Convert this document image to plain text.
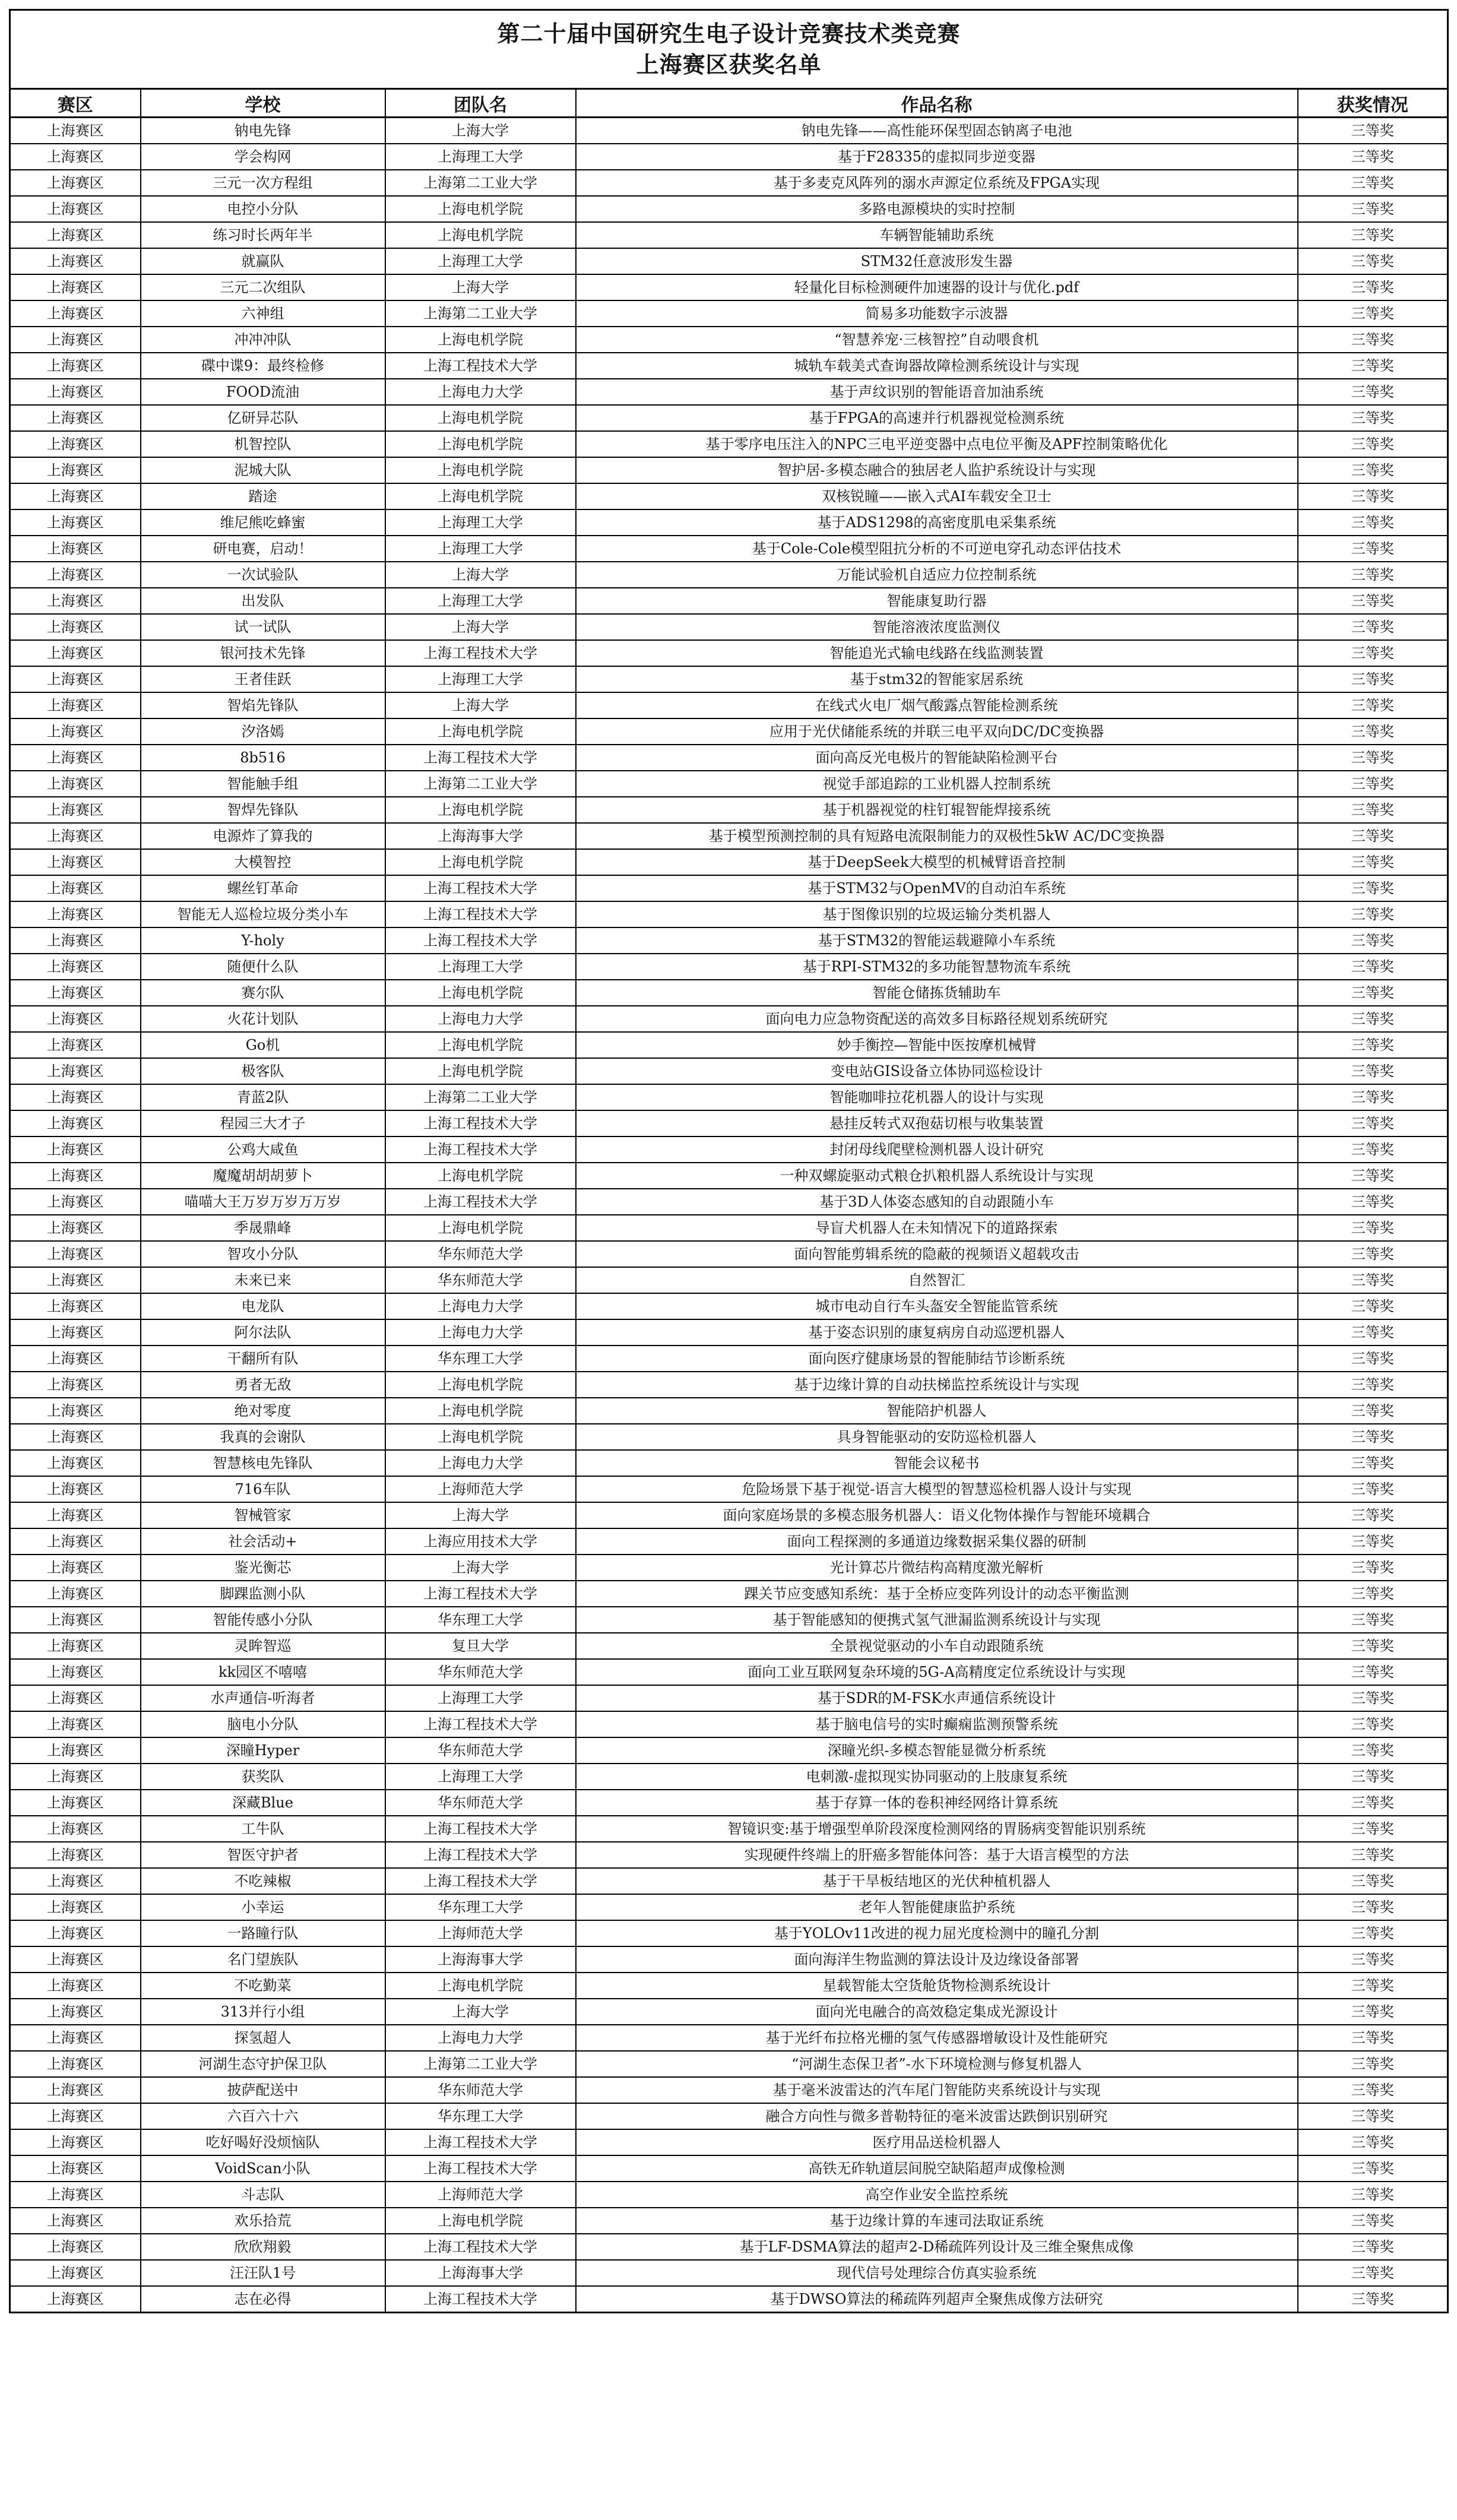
第二十届中国研究生电子设计竞赛技术类竞赛
上海赛区获奖名单				

赛区	学校	团队名	作品名称	获奖情况
上海赛区	钠电先锋	上海大学	钠电先锋——高性能环保型固态钠离子电池	三等奖
上海赛区	学会构网	上海理工大学	基于F28335的虚拟同步逆变器	三等奖
上海赛区	三元一次方程组	上海第二工业大学	基于多麦克风阵列的溺水声源定位系统及FPGA实现	三等奖
上海赛区	电控小分队	上海电机学院	多路电源模块的实时控制	三等奖
上海赛区	练习时长两年半	上海电机学院	车辆智能辅助系统	三等奖
上海赛区	就赢队	上海理工大学	STM32任意波形发生器	三等奖
上海赛区	三元二次组队	上海大学	轻量化目标检测硬件加速器的设计与优化.pdf	三等奖
上海赛区	六神组	上海第二工业大学	简易多功能数字示波器	三等奖
上海赛区	冲冲冲队	上海电机学院	“智慧养宠·三核智控”自动喂食机	三等奖
上海赛区	碟中谍9：最终检修	上海工程技术大学	城轨车载美式查询器故障检测系统设计与实现	三等奖
上海赛区	FOOD流油	上海电力大学	基于声纹识别的智能语音加油系统	三等奖
上海赛区	亿研异芯队	上海电机学院	基于FPGA的高速并行机器视觉检测系统	三等奖
上海赛区	机智控队	上海电机学院	基于零序电压注入的NPC三电平逆变器中点电位平衡及APF控制策略优化	三等奖
上海赛区	泥城大队	上海电机学院	智护居-多模态融合的独居老人监护系统设计与实现	三等奖
上海赛区	踏途	上海电机学院	双核锐瞳——嵌入式AI车载安全卫士	三等奖
上海赛区	维尼熊吃蜂蜜	上海理工大学	基于ADS1298的高密度肌电采集系统	三等奖
上海赛区	研电赛，启动！	上海理工大学	基于Cole-Cole模型阻抗分析的不可逆电穿孔动态评估技术	三等奖
上海赛区	一次试验队	上海大学	万能试验机自适应力位控制系统	三等奖
上海赛区	出发队	上海理工大学	智能康复助行器	三等奖
上海赛区	试一试队	上海大学	智能溶液浓度监测仪	三等奖
上海赛区	银河技术先锋	上海工程技术大学	智能追光式输电线路在线监测装置	三等奖
上海赛区	王者佳跃	上海理工大学	基于stm32的智能家居系统	三等奖
上海赛区	智焰先锋队	上海大学	在线式火电厂烟气酸露点智能检测系统	三等奖
上海赛区	汐洛嫣	上海电机学院	应用于光伏储能系统的并联三电平双向DC/DC变换器	三等奖
上海赛区	8b516	上海工程技术大学	面向高反光电极片的智能缺陷检测平台	三等奖
上海赛区	智能触手组	上海第二工业大学	视觉手部追踪的工业机器人控制系统	三等奖
上海赛区	智焊先锋队	上海电机学院	基于机器视觉的柱钉辊智能焊接系统	三等奖
上海赛区	电源炸了算我的	上海海事大学	基于模型预测控制的具有短路电流限制能力的双极性5kW AC/DC变换器	三等奖
上海赛区	大模智控	上海电机学院	基于DeepSeek大模型的机械臂语音控制	三等奖
上海赛区	螺丝钉革命	上海工程技术大学	基于STM32与OpenMV的自动泊车系统	三等奖
上海赛区	智能无人巡检垃圾分类小车	上海工程技术大学	基于图像识别的垃圾运输分类机器人	三等奖
上海赛区	Y-holy	上海工程技术大学	基于STM32的智能运载避障小车系统	三等奖
上海赛区	随便什么队	上海理工大学	基于RPI-STM32的多功能智慧物流车系统	三等奖
上海赛区	赛尔队	上海电机学院	智能仓储拣货辅助车	三等奖
上海赛区	火花计划队	上海电力大学	面向电力应急物资配送的高效多目标路径规划系统研究	三等奖
上海赛区	Go机	上海电机学院	妙手衡控—智能中医按摩机械臂	三等奖
上海赛区	极客队	上海电机学院	变电站GIS设备立体协同巡检设计	三等奖
上海赛区	青蓝2队	上海第二工业大学	智能咖啡拉花机器人的设计与实现	三等奖
上海赛区	程园三大才子	上海工程技术大学	悬挂反转式双孢菇切根与收集装置	三等奖
上海赛区	公鸡大咸鱼	上海工程技术大学	封闭母线爬壁检测机器人设计研究	三等奖
上海赛区	魔魔胡胡胡萝卜	上海电机学院	一种双螺旋驱动式粮仓扒粮机器人系统设计与实现	三等奖
上海赛区	喵喵大王万岁万岁万万岁	上海工程技术大学	基于3D人体姿态感知的自动跟随小车	三等奖
上海赛区	季晟鼎峰	上海电机学院	导盲犬机器人在未知情况下的道路探索	三等奖
上海赛区	智攻小分队	华东师范大学	面向智能剪辑系统的隐蔽的视频语义超载攻击	三等奖
上海赛区	未来已来	华东师范大学	自然智汇	三等奖
上海赛区	电龙队	上海电力大学	城市电动自行车头盔安全智能监管系统	三等奖
上海赛区	阿尔法队	上海电力大学	基于姿态识别的康复病房自动巡逻机器人	三等奖
上海赛区	干翻所有队	华东理工大学	面向医疗健康场景的智能肺结节诊断系统	三等奖
上海赛区	勇者无敌	上海电机学院	基于边缘计算的自动扶梯监控系统设计与实现	三等奖
上海赛区	绝对零度	上海电机学院	智能陪护机器人	三等奖
上海赛区	我真的会谢队	上海电机学院	具身智能驱动的安防巡检机器人	三等奖
上海赛区	智慧核电先锋队	上海电力大学	智能会议秘书	三等奖
上海赛区	716车队	上海师范大学	危险场景下基于视觉-语言大模型的智慧巡检机器人设计与实现	三等奖
上海赛区	智械管家	上海大学	面向家庭场景的多模态服务机器人：语义化物体操作与智能环境耦合	三等奖
上海赛区	社会活动+	上海应用技术大学	面向工程探测的多通道边缘数据采集仪器的研制	三等奖
上海赛区	鉴光衡芯	上海大学	光计算芯片微结构高精度激光解析	三等奖
上海赛区	脚踝监测小队	上海工程技术大学	踝关节应变感知系统：基于全桥应变阵列设计的动态平衡监测	三等奖
上海赛区	智能传感小分队	华东理工大学	基于智能感知的便携式氢气泄漏监测系统设计与实现	三等奖
上海赛区	灵眸智巡	复旦大学	全景视觉驱动的小车自动跟随系统	三等奖
上海赛区	kk园区不嘻嘻	华东师范大学	面向工业互联网复杂环境的5G-A高精度定位系统设计与实现	三等奖
上海赛区	水声通信-听海者	上海理工大学	基于SDR的M-FSK水声通信系统设计	三等奖
上海赛区	脑电小分队	上海工程技术大学	基于脑电信号的实时癫痫监测预警系统	三等奖
上海赛区	深瞳Hyper	华东师范大学	深瞳光织-多模态智能显微分析系统	三等奖
上海赛区	获奖队	上海理工大学	电刺激-虚拟现实协同驱动的上肢康复系统	三等奖
上海赛区	深藏Blue	华东师范大学	基于存算一体的卷积神经网络计算系统	三等奖
上海赛区	工牛队	上海工程技术大学	智镜识变:基于增强型单阶段深度检测网络的胃肠病变智能识别系统	三等奖
上海赛区	智医守护者	上海工程技术大学	实现硬件终端上的肝癌多智能体问答：基于大语言模型的方法	三等奖
上海赛区	不吃辣椒	上海工程技术大学	基于干旱板结地区的光伏种植机器人	三等奖
上海赛区	小幸运	华东理工大学	老年人智能健康监护系统	三等奖
上海赛区	一路瞳行队	上海师范大学	基于YOLOv11改进的视力屈光度检测中的瞳孔分割	三等奖
上海赛区	名门望族队	上海海事大学	面向海洋生物监测的算法设计及边缘设备部署	三等奖
上海赛区	不吃勤菜	上海电机学院	星载智能太空货舱货物检测系统设计	三等奖
上海赛区	313并行小组	上海大学	面向光电融合的高效稳定集成光源设计	三等奖
上海赛区	探氢超人	上海电力大学	基于光纤布拉格光栅的氢气传感器增敏设计及性能研究	三等奖
上海赛区	河湖生态守护保卫队	上海第二工业大学	“河湖生态保卫者”-水下环境检测与修复机器人	三等奖
上海赛区	披萨配送中	华东师范大学	基于毫米波雷达的汽车尾门智能防夹系统设计与实现	三等奖
上海赛区	六百六十六	华东理工大学	融合方向性与微多普勒特征的毫米波雷达跌倒识别研究	三等奖
上海赛区	吃好喝好没烦恼队	上海工程技术大学	医疗用品送检机器人	三等奖
上海赛区	VoidScan小队	上海工程技术大学	高铁无砟轨道层间脱空缺陷超声成像检测	三等奖
上海赛区	斗志队	上海师范大学	高空作业安全监控系统	三等奖
上海赛区	欢乐拾荒	上海电机学院	基于边缘计算的车速司法取证系统	三等奖
上海赛区	欣欣翔毅	上海工程技术大学	基于LF-DSMA算法的超声2-D稀疏阵列设计及三维全聚焦成像	三等奖
上海赛区	汪汪队1号	上海海事大学	现代信号处理综合仿真实验系统	三等奖
上海赛区	志在必得	上海工程技术大学	基于DWSO算法的稀疏阵列超声全聚焦成像方法研究	三等奖
